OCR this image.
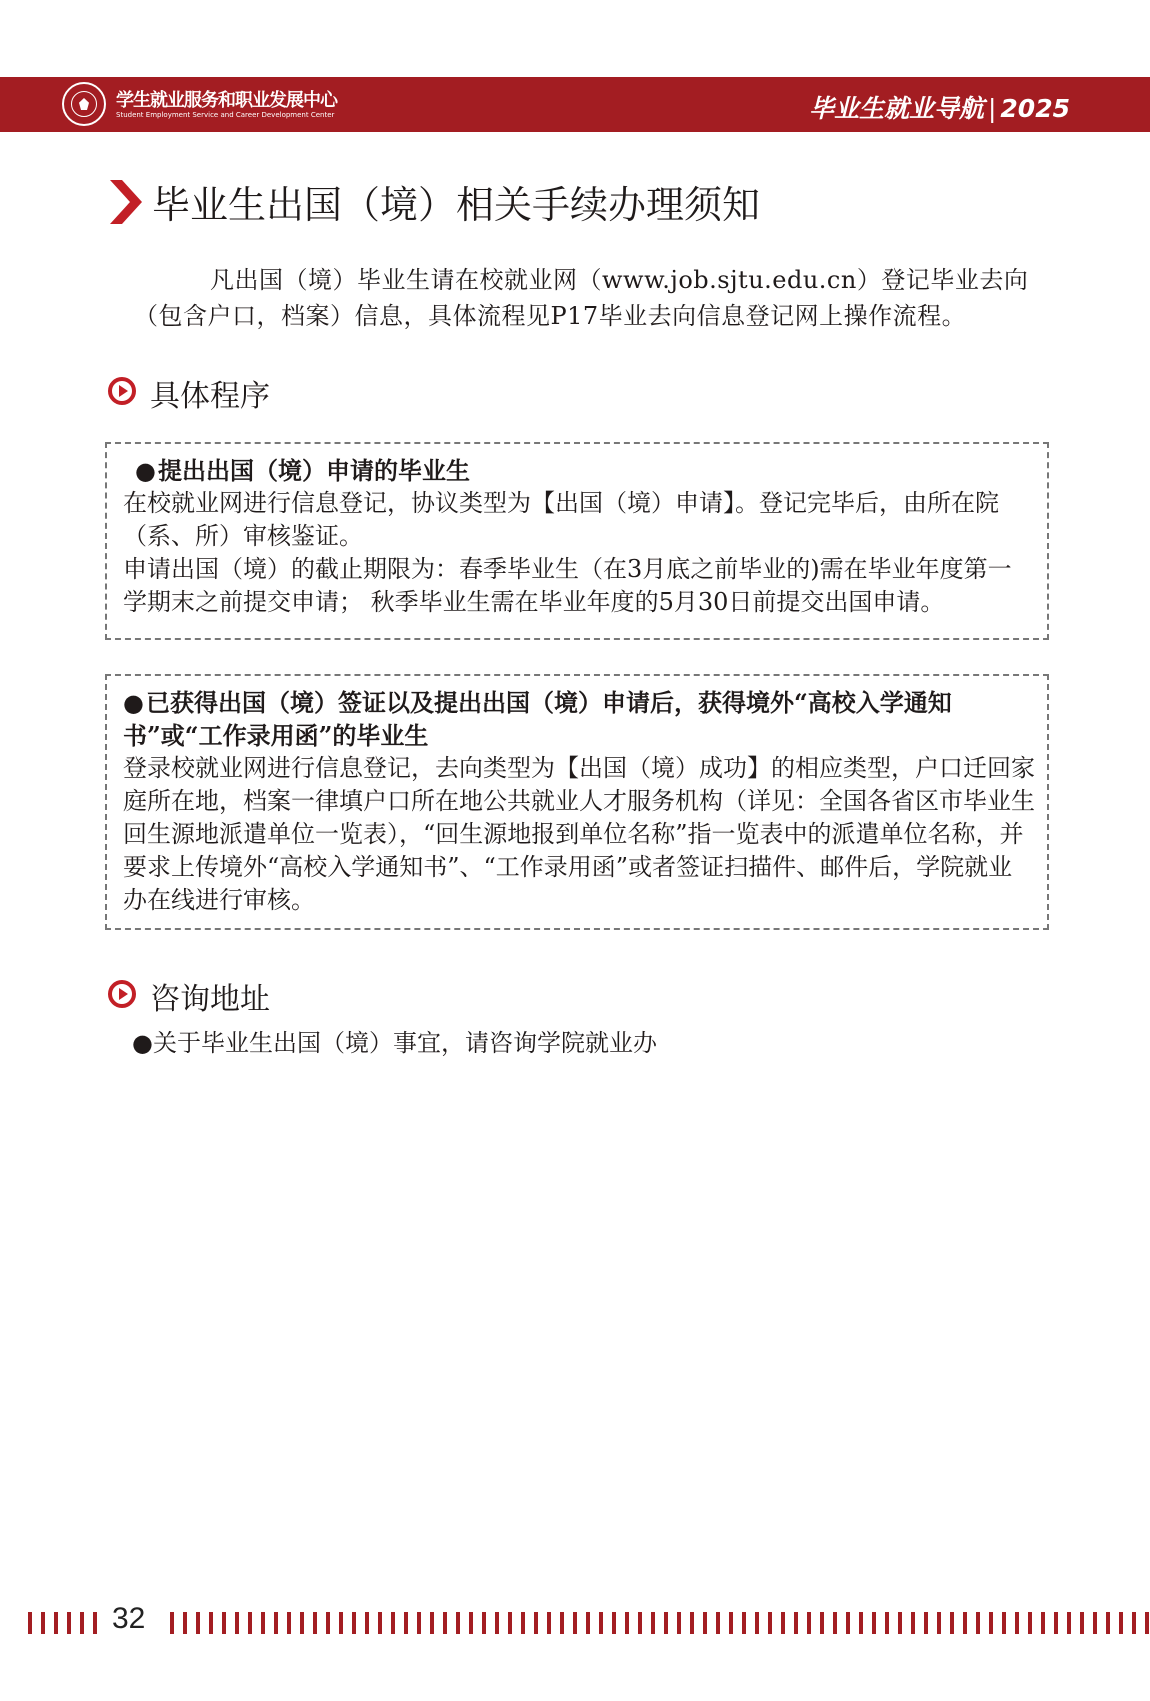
学生就业服务和职业发展中心
Student Employment Service and Career Development Center	毕业生就业导航 | 2025
毕业生出国（境）相关手续办理须知

凡出国（境）毕业生请在校就业网（www.job.sjtu.edu.cn）登记毕业去向（包含户口，档案）信息，具体流程见P17毕业去向信息登记网上操作流程。

具体程序
●提出出国（境）申请的毕业生

在校就业网进行信息登记，协议类型为【出国（境）申请】。登记完毕后，由所在院（系、所）审核鉴证。

申请出国（境）的截止期限为：春季毕业生（在3月底之前毕业的)需在毕业年度第一学期末之前提交申请； 秋季毕业生需在毕业年度的5月30日前提交出国申请。

●已获得出国（境）签证以及提出出国（境）申请后，获得境外“高校入学通知书”或“工作录用函”的毕业生

登录校就业网进行信息登记，去向类型为【出国（境）成功】的相应类型，户口迁回家庭所在地，档案一律填户口所在地公共就业人才服务机构（详见：全国各省区市毕业生回生源地派遣单位一览表），“回生源地报到单位名称”指一览表中的派遣单位名称，并要求上传境外“高校入学通知书”、“工作录用函”或者签证扫描件、邮件后，学院就业办在线进行审核。

咨询地址
●关于毕业生出国（境）事宜，请咨询学院就业办
32
